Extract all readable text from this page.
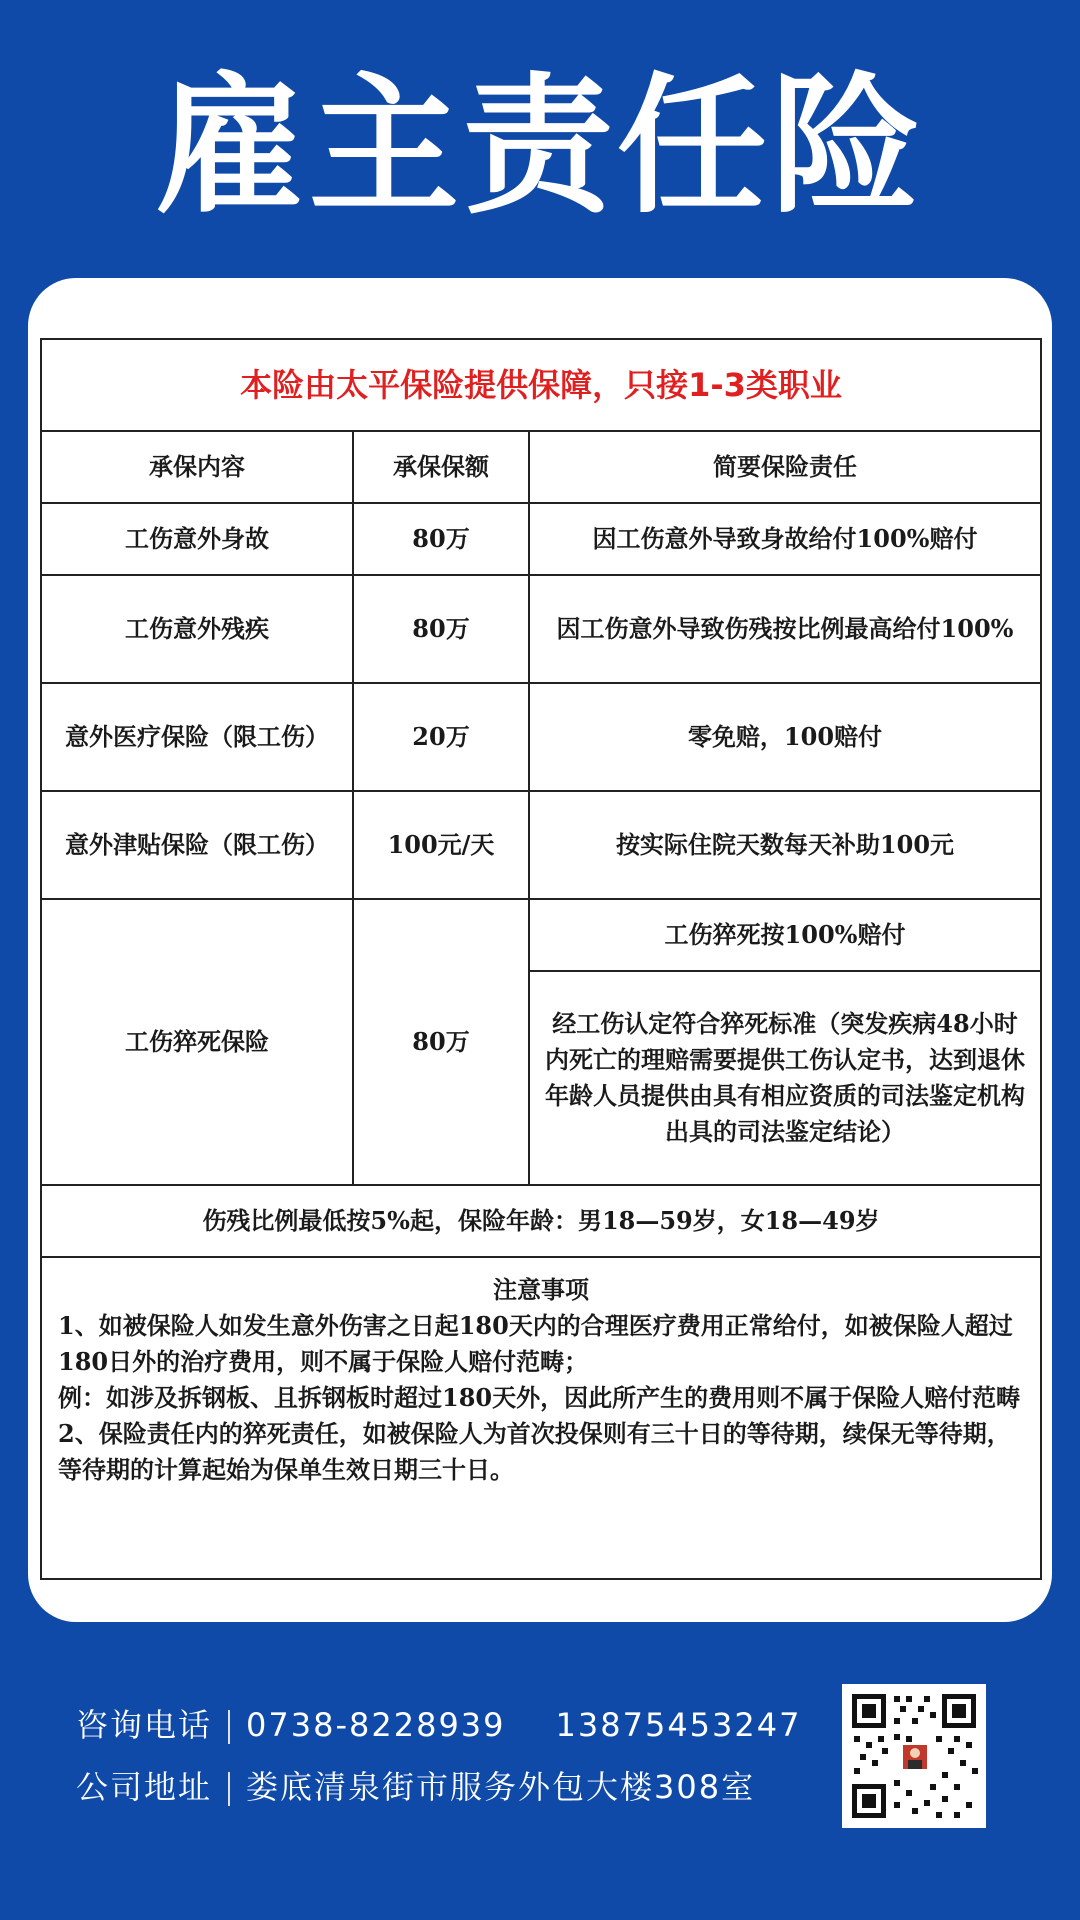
雇主责任险
本险由太平保险提供保障，只接1-3类职业		
承保内容	承保保额	简要保险责任
工伤意外身故	80万	因工伤意外导致身故给付100%赔付
工伤意外残疾	80万	因工伤意外导致伤残按比例最高给付100%
意外医疗保险（限工伤）	20万	零免赔，100赔付
意外津贴保险（限工伤）	100元/天	按实际住院天数每天补助100元
工伤猝死保险	80万	工伤猝死按100%赔付
		经工伤认定符合猝死标准（突发疾病48小时内死亡的理赔需要提供工伤认定书，达到退休年龄人员提供由具有相应资质的司法鉴定机构出具的司法鉴定结论）
伤残比例最低按5%起，保险年龄：男18—59岁，女18—49岁		

注意事项
1、如被保险人如发生意外伤害之日起180天内的合理医疗费用正常给付，如被保险人超过180日外的治疗费用，则不属于保险人赔付范畴；
例：如涉及拆钢板、且拆钢板时超过180天外，因此所产生的费用则不属于保险人赔付范畴
2、保险责任内的猝死责任，如被保险人为首次投保则有三十日的等待期，续保无等待期，等待期的计算起始为保单生效日期三十日。		
咨询电话 0738-8228939 13875453247
公司地址 娄底清泉街市服务外包大楼308室
